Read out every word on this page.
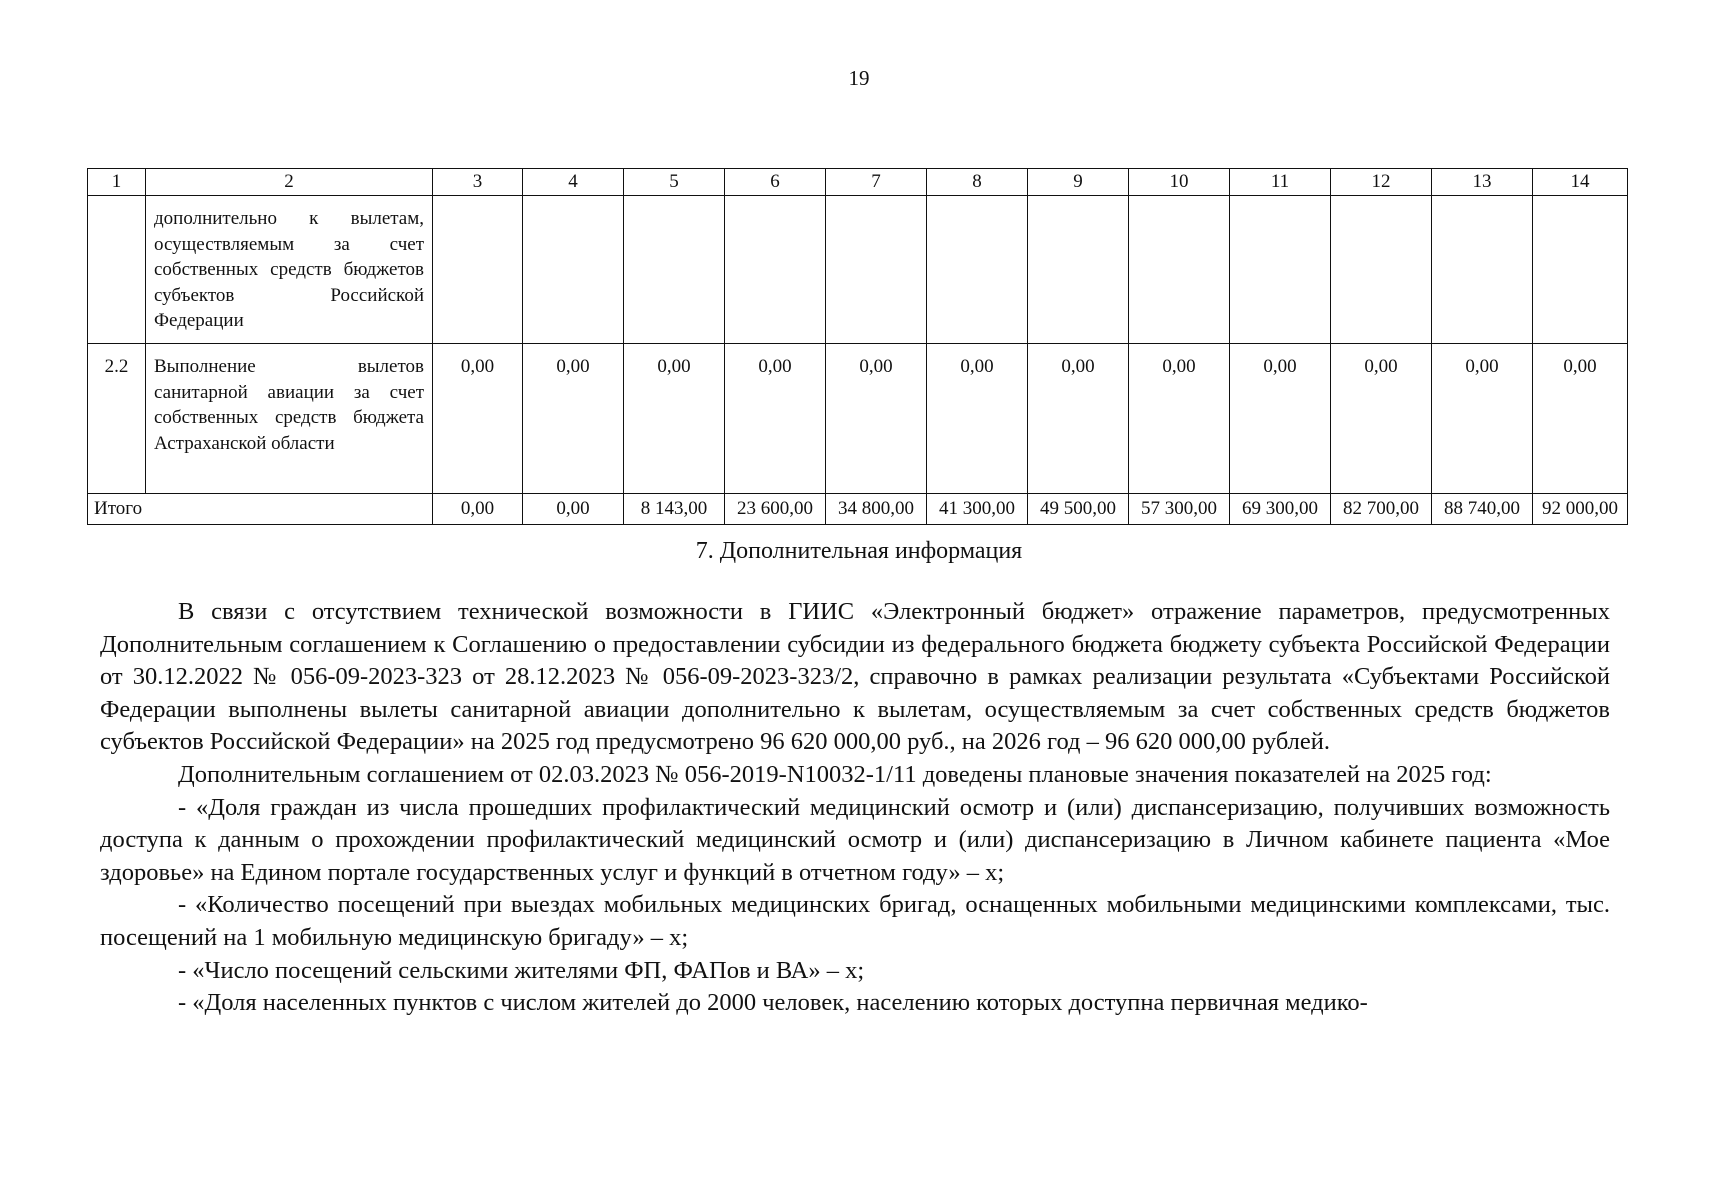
19
1	2	3	4	5	6	7	8	9	10	11	12	13	14
	дополнительно к вылетам, осуществляемым за счет собственных средств бюджетов субъектов Российской Федерации												
2.2	Выполнение вылетов санитарной авиации за счет собственных средств бюджета Астраханской области	0,00	0,00	0,00	0,00	0,00	0,00	0,00	0,00	0,00	0,00	0,00	0,00
Итого		0,00	0,00	8 143,00	23 600,00	34 800,00	41 300,00	49 500,00	57 300,00	69 300,00	82 700,00	88 740,00	92 000,00
7. Дополнительная информация

В связи с отсутствием технической возможности в ГИИС «Электронный бюджет» отражение параметров, предусмотренных Дополнительным соглашением к Соглашению о предоставлении субсидии из федерального бюджета бюджету субъекта Российской Федерации от 30.12.2022 № 056-09-2023-323 от 28.12.2023 № 056-09-2023-323/2, справочно в рамках реализации результата «Субъектами Российской Федерации выполнены вылеты санитарной авиации дополнительно к вылетам, осуществляемым за счет собственных средств бюджетов субъектов Российской Федерации» на 2025 год предусмотрено 96 620 000,00 руб., на 2026 год – 96 620 000,00 рублей.

Дополнительным соглашением от 02.03.2023 № 056-2019-N10032-1/11 доведены плановые значения показателей на 2025 год:

- «Доля граждан из числа прошедших профилактический медицинский осмотр и (или) диспансеризацию, получивших возможность доступа к данным о прохождении профилактический медицинский осмотр и (или) диспансеризацию в Личном кабинете пациента «Мое здоровье» на Едином портале государственных услуг и функций в отчетном году» – х;

- «Количество посещений при выездах мобильных медицинских бригад, оснащенных мобильными медицинскими комплексами, тыс. посещений на 1 мобильную медицинскую бригаду» – х;

- «Число посещений сельскими жителями ФП, ФАПов и ВА» – х;

- «Доля населенных пунктов с числом жителей до 2000 человек, населению которых доступна первичная медико-
